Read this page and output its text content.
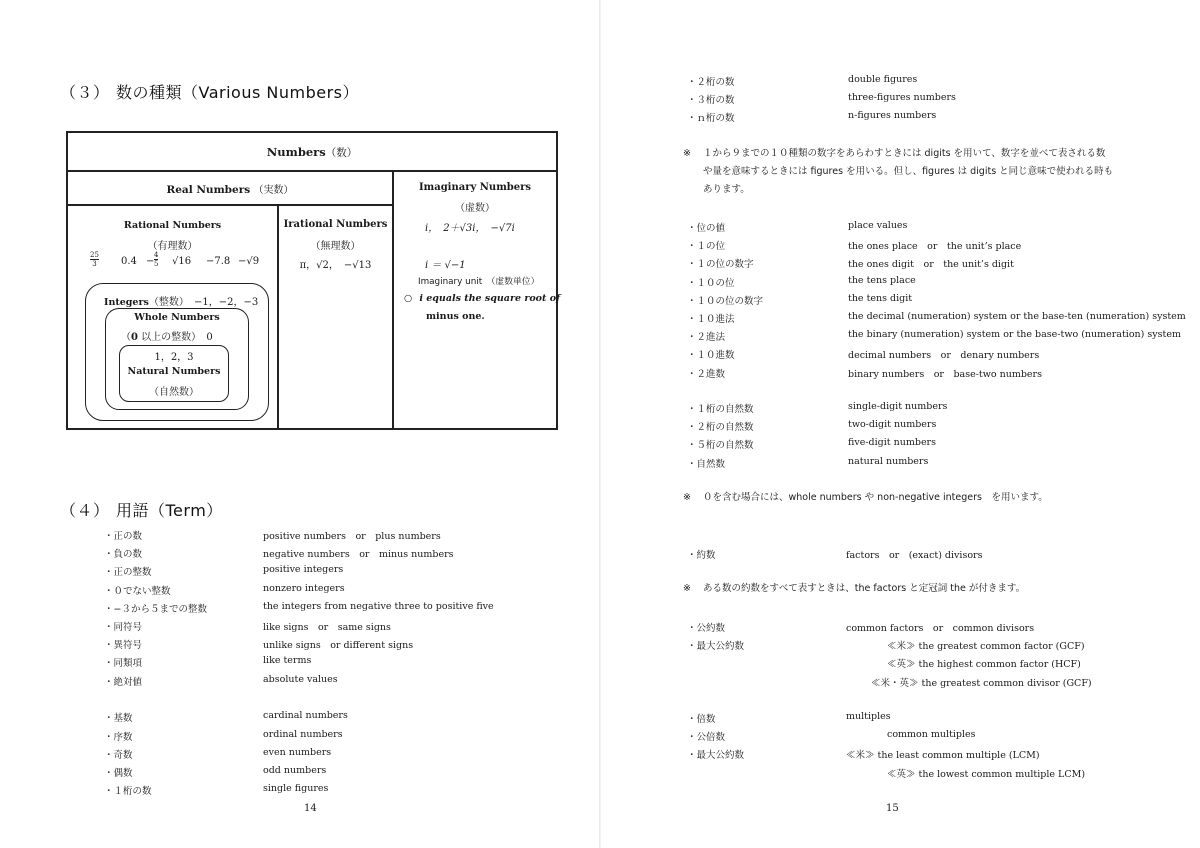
（３） 数の種類（Various Numbers）
Numbers（数）
Real Numbers （実数）	Imaginary Numbers
（虚数）
i，　2＋√3i，　−√7i
i ＝ √−1
Imaginary unit　（虚数単位）
○ i equals the square root of
minus one.
Rational Numbers
（有理数）
25
3 0.4 −
4
5 √16 −7.8 −√9
Irational Numbers
（無理数）
π，√2，　−√13
Integers（整数） −1，−2，−3
Whole Numbers
（0 以上の整数） 0
1，2，3
Natural Numbers
（自然数）
（４） 用語（Term）
・正の数	positive numbers　or　plus numbers
・負の数	negative numbers　or　minus numbers
・正の整数	positive integers
・０でない整数	nonzero integers
・−３から５までの整数	the integers from negative three to positive five
・同符号	like signs　or　same signs
・異符号	unlike signs　or different signs
・同類項	like terms
・絶対値	absolute values
・基数	cardinal numbers
・序数	ordinal numbers
・奇数	even numbers
・偶数	odd numbers
・１桁の数	single figures
14
・２桁の数	double figures
・３桁の数	three-figures numbers
・ｎ桁の数	n-figures numbers
※ １から９までの１０種類の数字をあらわすときには digits を用いて、数字を並べて表される数
や量を意味するときには figures を用いる。但し、figures は digits と同じ意味で使われる時も
あります。
・位の値	place values
・１の位	the ones place　or　the unit’s place
・１の位の数字	the ones digit　or　the unit’s digit
・１０の位	the tens place
・１０の位の数字	the tens digit
・１０進法	the decimal (numeration) system or the base-ten (numeration) system
・２進法	the binary (numeration) system or the base-two (numeration) system
・１０進数	decimal numbers　or　denary numbers
・２進数	binary numbers　or　base-two numbers
・１桁の自然数	single-digit numbers
・２桁の自然数	two-digit numbers
・５桁の自然数	five-digit numbers
・自然数	natural numbers
※ ０を含む場合には、whole numbers や non-negative integers　を用います。
・約数	factors　or　(exact) divisors
※ ある数の約数をすべて表すときは、the factors と定冠詞 the が付きます。
・公約数	common factors　or　common divisors
・最大公約数	≪米≫ the greatest common factor (GCF)
≪英≫ the highest common factor (HCF)
≪米・英≫ the greatest common divisor (GCF)
・倍数	multiples
・公倍数	common multiples
・最大公約数	≪米≫ the least common multiple (LCM)
≪英≫ the lowest common multiple LCM)
15
